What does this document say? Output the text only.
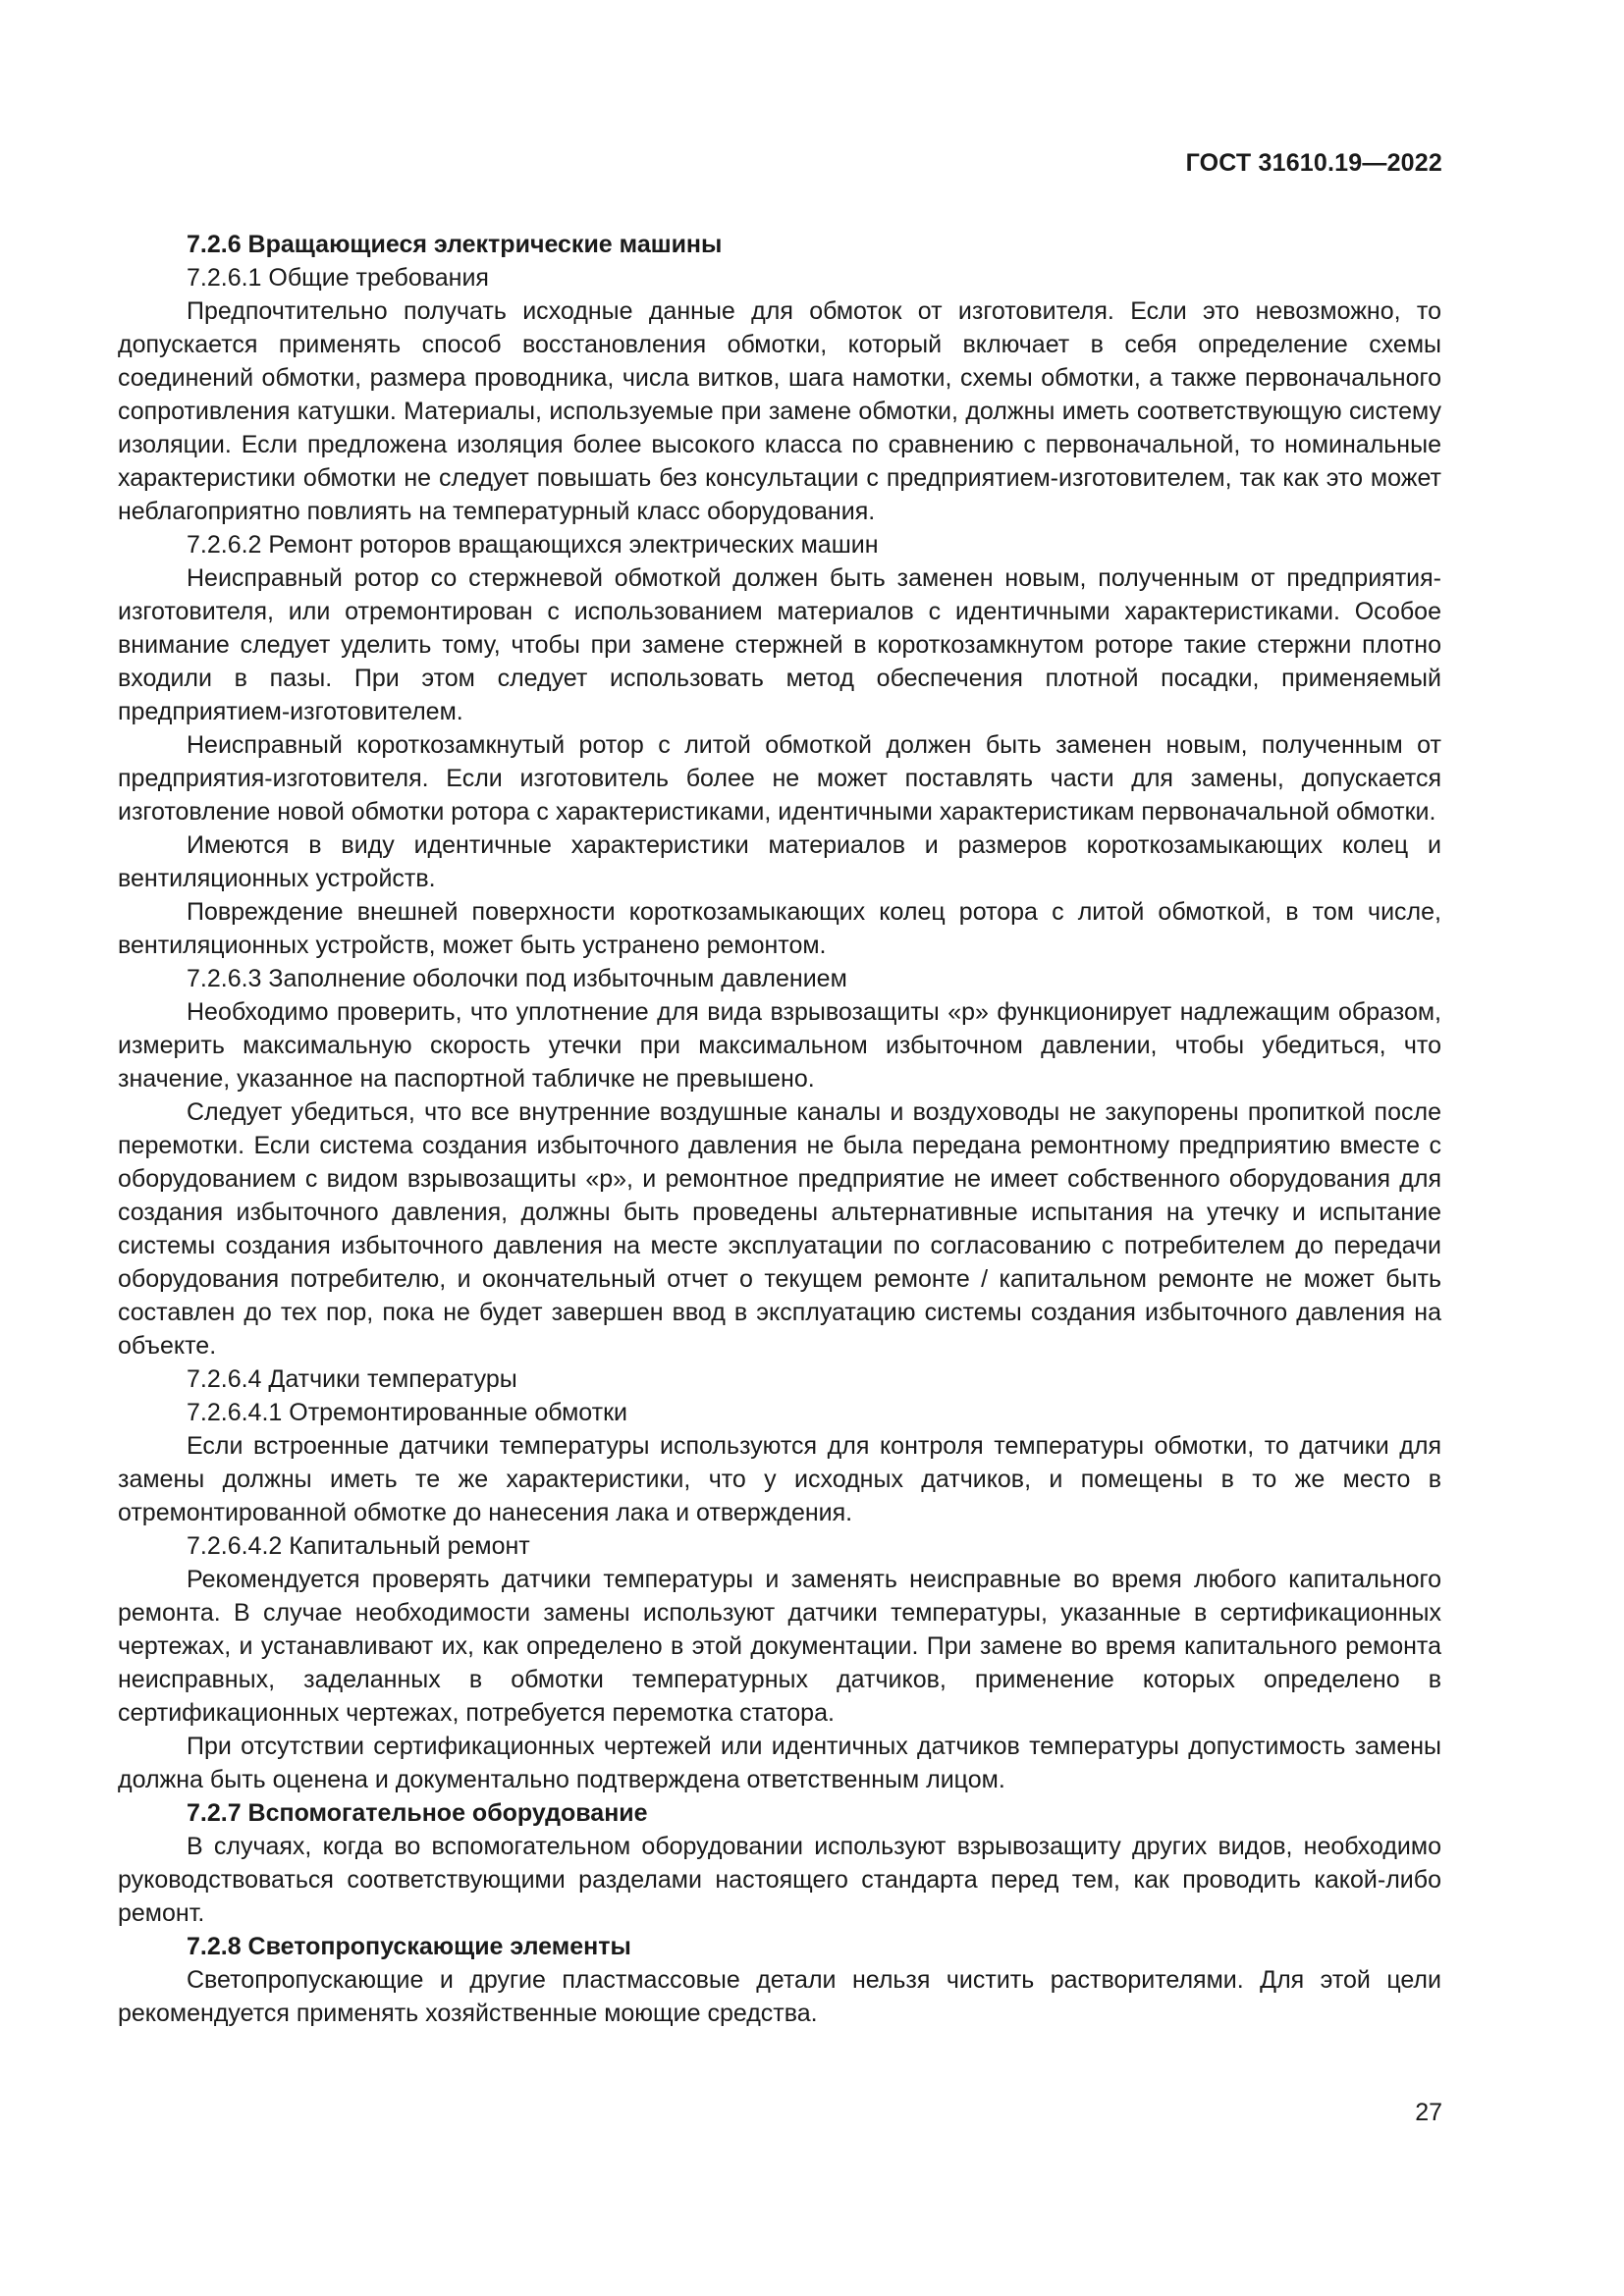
ГОСТ 31610.19—2022

7.2.6 Вращающиеся электрические машины

7.2.6.1 Общие требования

Предпочтительно получать исходные данные для обмоток от изготовителя. Если это невозможно, то допускается применять способ восстановления обмотки, который включает в себя определение схемы соединений обмотки, размера проводника, числа витков, шага намотки, схемы обмотки, а также первоначального сопротивления катушки. Материалы, используемые при замене обмотки, должны иметь соответствующую систему изоляции. Если предложена изоляция более высокого класса по сравнению с первоначальной, то номинальные характеристики обмотки не следует повышать без консультации с предприятием-изготовителем, так как это может неблагоприятно повлиять на температурный класс оборудования.

7.2.6.2 Ремонт роторов вращающихся электрических машин

Неисправный ротор со стержневой обмоткой должен быть заменен новым, полученным от предприятия-изготовителя, или отремонтирован с использованием материалов с идентичными характеристиками. Особое внимание следует уделить тому, чтобы при замене стержней в короткозамкнутом роторе такие стержни плотно входили в пазы. При этом следует использовать метод обеспечения плотной посадки, применяемый предприятием-изготовителем.

Неисправный короткозамкнутый ротор с литой обмоткой должен быть заменен новым, полученным от предприятия-изготовителя. Если изготовитель более не может поставлять части для замены, допускается изготовление новой обмотки ротора с характеристиками, идентичными характеристикам первоначальной обмотки.

Имеются в виду идентичные характеристики материалов и размеров короткозамыкающих колец и вентиляционных устройств.

Повреждение внешней поверхности короткозамыкающих колец ротора с литой обмоткой, в том числе, вентиляционных устройств, может быть устранено ремонтом.

7.2.6.3 Заполнение оболочки под избыточным давлением

Необходимо проверить, что уплотнение для вида взрывозащиты «р» функционирует надлежащим образом, измерить максимальную скорость утечки при максимальном избыточном давлении, чтобы убедиться, что значение, указанное на паспортной табличке не превышено.

Следует убедиться, что все внутренние воздушные каналы и воздуховоды не закупорены пропиткой после перемотки. Если система создания избыточного давления не была передана ремонтному предприятию вместе с оборудованием с видом взрывозащиты «р», и ремонтное предприятие не имеет собственного оборудования для создания избыточного давления, должны быть проведены альтернативные испытания на утечку и испытание системы создания избыточного давления на месте эксплуатации по согласованию с потребителем до передачи оборудования потребителю, и окончательный отчет о текущем ремонте / капитальном ремонте не может быть составлен до тех пор, пока не будет завершен ввод в эксплуатацию системы создания избыточного давления на объекте.

7.2.6.4 Датчики температуры

7.2.6.4.1 Отремонтированные обмотки

Если встроенные датчики температуры используются для контроля температуры обмотки, то датчики для замены должны иметь те же характеристики, что у исходных датчиков, и помещены в то же место в отремонтированной обмотке до нанесения лака и отверждения.

7.2.6.4.2 Капитальный ремонт

Рекомендуется проверять датчики температуры и заменять неисправные во время любого капитального ремонта. В случае необходимости замены используют датчики температуры, указанные в сертификационных чертежах, и устанавливают их, как определено в этой документации. При замене во время капитального ремонта неисправных, заделанных в обмотки температурных датчиков, применение которых определено в сертификационных чертежах, потребуется перемотка статора.

При отсутствии сертификационных чертежей или идентичных датчиков температуры допустимость замены должна быть оценена и документально подтверждена ответственным лицом.

7.2.7 Вспомогательное оборудование

В случаях, когда во вспомогательном оборудовании используют взрывозащиту других видов, необходимо руководствоваться соответствующими разделами настоящего стандарта перед тем, как проводить какой-либо ремонт.

7.2.8 Светопропускающие элементы

Светопропускающие и другие пластмассовые детали нельзя чистить растворителями. Для этой цели рекомендуется применять хозяйственные моющие средства.

27
